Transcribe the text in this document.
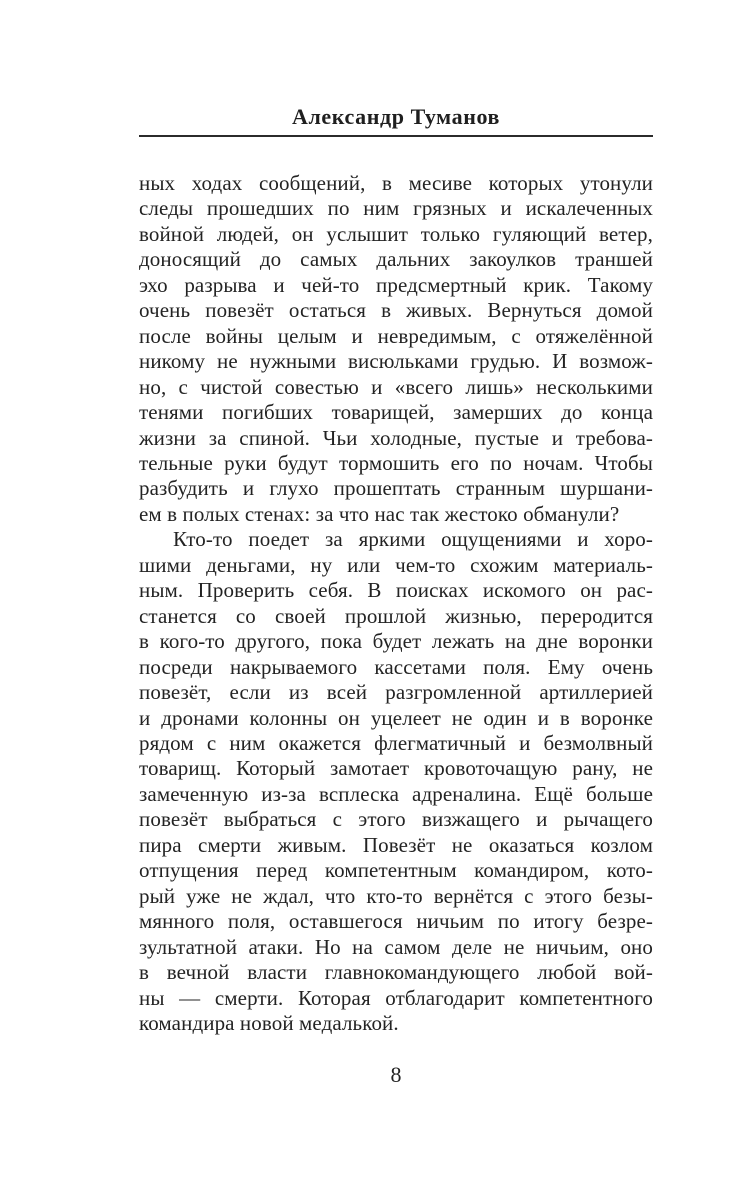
Александр Туманов
ных ходах сообщений, в месиве которых утонули
следы прошедших по ним грязных и искалеченных
войной людей, он услышит только гуляющий ветер,
доносящий до самых дальних закоулков траншей
эхо разрыва и чей-то предсмертный крик. Такому
очень повезёт остаться в живых. Вернуться домой
после войны целым и невредимым, с отяжелённой
никому не нужными висюльками грудью. И возмож-
но, с чистой совестью и «всего лишь» несколькими
тенями погибших товарищей, замерших до конца
жизни за спиной. Чьи холодные, пустые и требова-
тельные руки будут тормошить его по ночам. Чтобы
разбудить и глухо прошептать странным шуршани-
ем в полых стенах: за что нас так жестоко обманули?
Кто-то поедет за яркими ощущениями и хоро-
шими деньгами, ну или чем-то схожим материаль-
ным. Проверить себя. В поисках искомого он рас-
станется со своей прошлой жизнью, переродится
в кого-то другого, пока будет лежать на дне воронки
посреди накрываемого кассетами поля. Ему очень
повезёт, если из всей разгромленной артиллерией
и дронами колонны он уцелеет не один и в воронке
рядом с ним окажется флегматичный и безмолвный
товарищ. Который замотает кровоточащую рану, не
замеченную из-за всплеска адреналина. Ещё больше
повезёт выбраться с этого визжащего и рычащего
пира смерти живым. Повезёт не оказаться козлом
отпущения перед компетентным командиром, кото-
рый уже не ждал, что кто-то вернётся с этого безы-
мянного поля, оставшегося ничьим по итогу безре-
зультатной атаки. Но на самом деле не ничьим, оно
в вечной власти главнокомандующего любой вой-
ны — смерти. Которая отблагодарит компетентного
командира новой медалькой.
8
